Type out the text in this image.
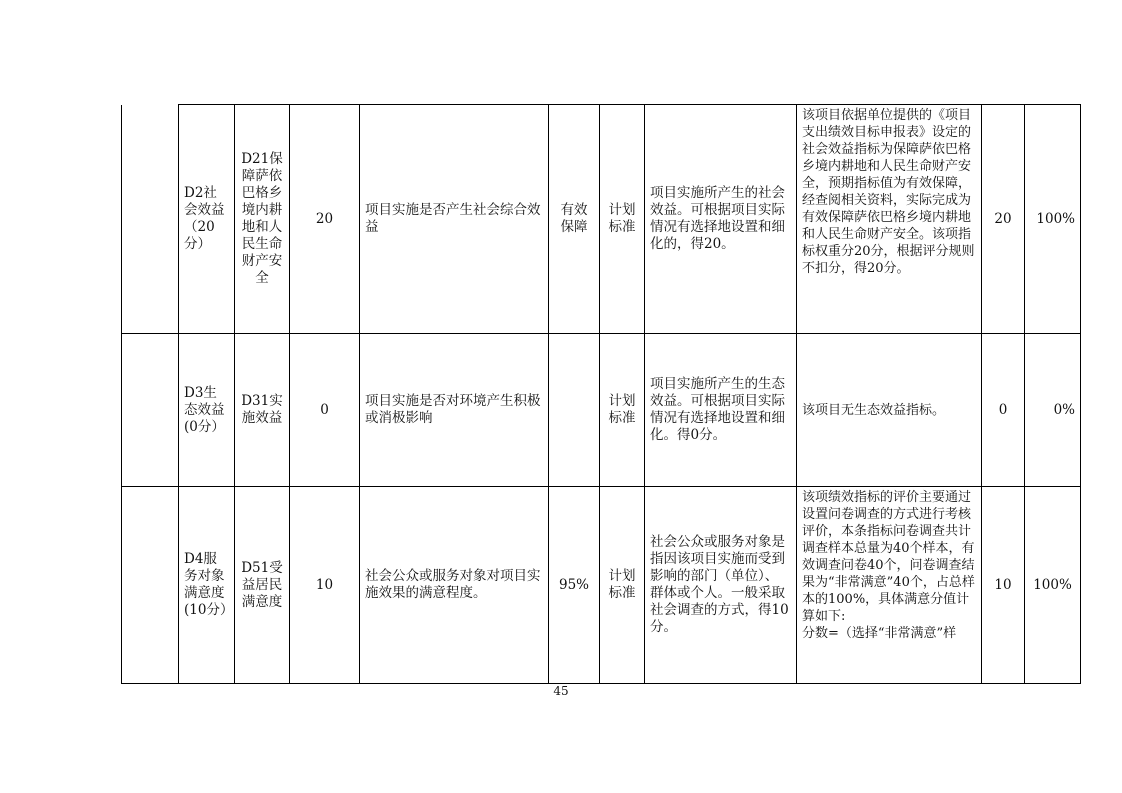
	D2社会效益（20分）	D21保障萨依巴格乡境内耕地和人民生命财产安全	20	项目实施是否产生社会综合效益	有效保障	计划标准	项目实施所产生的社会效益。可根据项目实际情况有选择地设置和细化的，得20。	该项目依据单位提供的《项目支出绩效目标申报表》设定的社会效益指标为保障萨依巴格乡境内耕地和人民生命财产安全，预期指标值为有效保障，经查阅相关资料，实际完成为有效保障萨依巴格乡境内耕地和人民生命财产安全。该项指标权重分20分，根据评分规则不扣分，得20分。	20	100%
	D3生态效益(0分）	D31实施效益	0	项目实施是否对环境产生积极或消极影响		计划标准	项目实施所产生的生态效益。可根据项目实际情况有选择地设置和细化。得0分。	该项目无生态效益指标。	0	0%
	D4服务对象满意度(10分）	D51受益居民满意度	10	社会公众或服务对象对项目实施效果的满意程度。	95%	计划标准	社会公众或服务对象是指因该项目实施而受到影响的部门（单位）、群体或个人。一般采取社会调查的方式，得10分。	该项绩效指标的评价主要通过设置问卷调查的方式进行考核评价，本条指标问卷调查共计调查样本总量为40个样本，有效调查问卷40个，问卷调查结果为“非常满意”40个，占总样本的100%，具体满意分值计算如下:
分数=（选择“非常满意”样	10	100%
45
